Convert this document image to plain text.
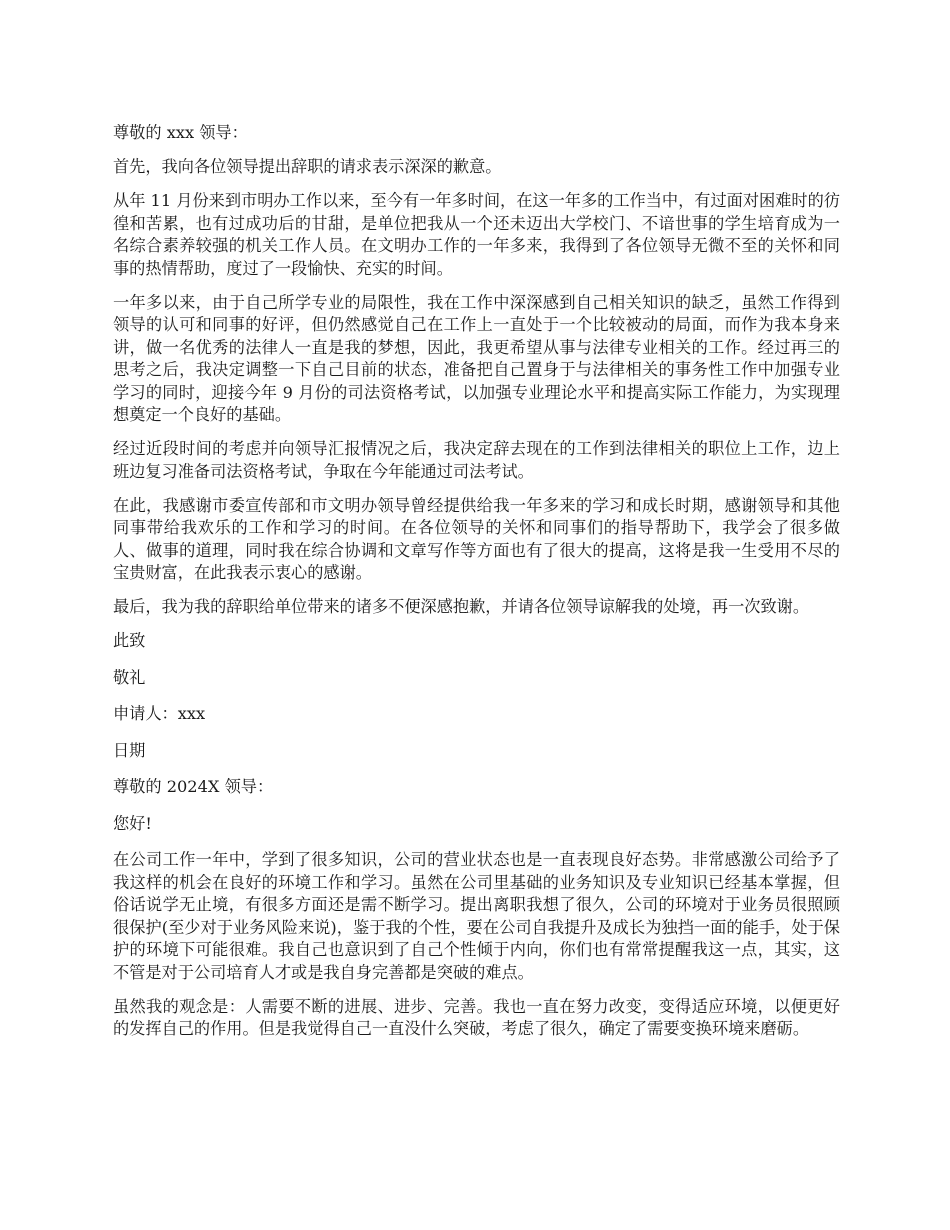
尊敬的 xxx 领导：

首先，我向各位领导提出辞职的请求表示深深的歉意。

从年 11 月份来到市明办工作以来，至今有一年多时间，在这一年多的工作当中，有过面对困难时的彷徨和苦累，也有过成功后的甘甜，是单位把我从一个还未迈出大学校门、不谙世事的学生培育成为一名综合素养较强的机关工作人员。在文明办工作的一年多来，我得到了各位领导无微不至的关怀和同事的热情帮助，度过了一段愉快、充实的时间。

一年多以来，由于自己所学专业的局限性，我在工作中深深感到自己相关知识的缺乏，虽然工作得到领导的认可和同事的好评，但仍然感觉自己在工作上一直处于一个比较被动的局面，而作为我本身来讲，做一名优秀的法律人一直是我的梦想，因此，我更希望从事与法律专业相关的工作。经过再三的思考之后，我决定调整一下自己目前的状态，准备把自己置身于与法律相关的事务性工作中加强专业学习的同时，迎接今年 9 月份的司法资格考试，以加强专业理论水平和提高实际工作能力，为实现理想奠定一个良好的基础。

经过近段时间的考虑并向领导汇报情况之后，我决定辞去现在的工作到法律相关的职位上工作，边上班边复习准备司法资格考试，争取在今年能通过司法考试。

在此，我感谢市委宣传部和市文明办领导曾经提供给我一年多来的学习和成长时期，感谢领导和其他同事带给我欢乐的工作和学习的时间。在各位领导的关怀和同事们的指导帮助下，我学会了很多做人、做事的道理，同时我在综合协调和文章写作等方面也有了很大的提高，这将是我一生受用不尽的宝贵财富，在此我表示衷心的感谢。

最后，我为我的辞职给单位带来的诸多不便深感抱歉，并请各位领导谅解我的处境，再一次致谢。

此致

敬礼

申请人：xxx

日期

尊敬的 2024X 领导：

您好!

在公司工作一年中，学到了很多知识，公司的营业状态也是一直表现良好态势。非常感激公司给予了我这样的机会在良好的环境工作和学习。虽然在公司里基础的业务知识及专业知识已经基本掌握，但俗话说学无止境，有很多方面还是需不断学习。提出离职我想了很久，公司的环境对于业务员很照顾很保护(至少对于业务风险来说)，鉴于我的个性，要在公司自我提升及成长为独挡一面的能手，处于保护的环境下可能很难。我自己也意识到了自己个性倾于内向，你们也有常常提醒我这一点，其实，这不管是对于公司培育人才或是我自身完善都是突破的难点。

虽然我的观念是：人需要不断的进展、进步、完善。我也一直在努力改变，变得适应环境，以便更好的发挥自己的作用。但是我觉得自己一直没什么突破，考虑了很久，确定了需要变换环境来磨砺。
